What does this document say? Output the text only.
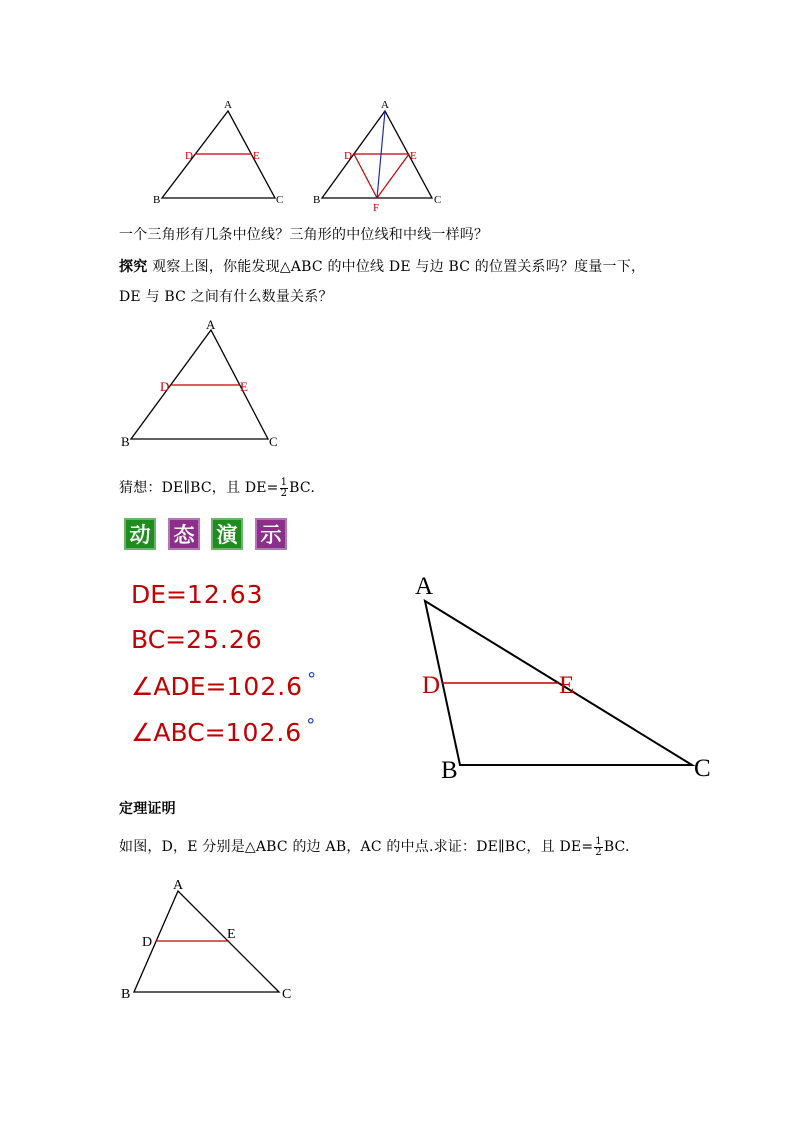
A
B	C
D	E
A
B	C
D	E
F
一个三角形有几条中位线？三角形的中位线和中线一样吗？
探究 观察上图，你能发现△ABC 的中位线 DE 与边 BC 的位置关系吗？度量一下，
DE 与 BC 之间有什么数量关系？
A
B	C
D	E
猜想：DE∥BC，且 $DE= \frac{1}{2}$ BC.
动 态 演 示
DE=12.63
BC=25.26
∠ADE=102.6 °
∠ABC=102.6 °
A
B	C
D	E
定理证明
如图，D，E 分别是△ABC 的边 AB，AC 的中点.求证：DE∥BC，且 $DE= \frac{1}{2}$ BC.
A
B	C
D
E
